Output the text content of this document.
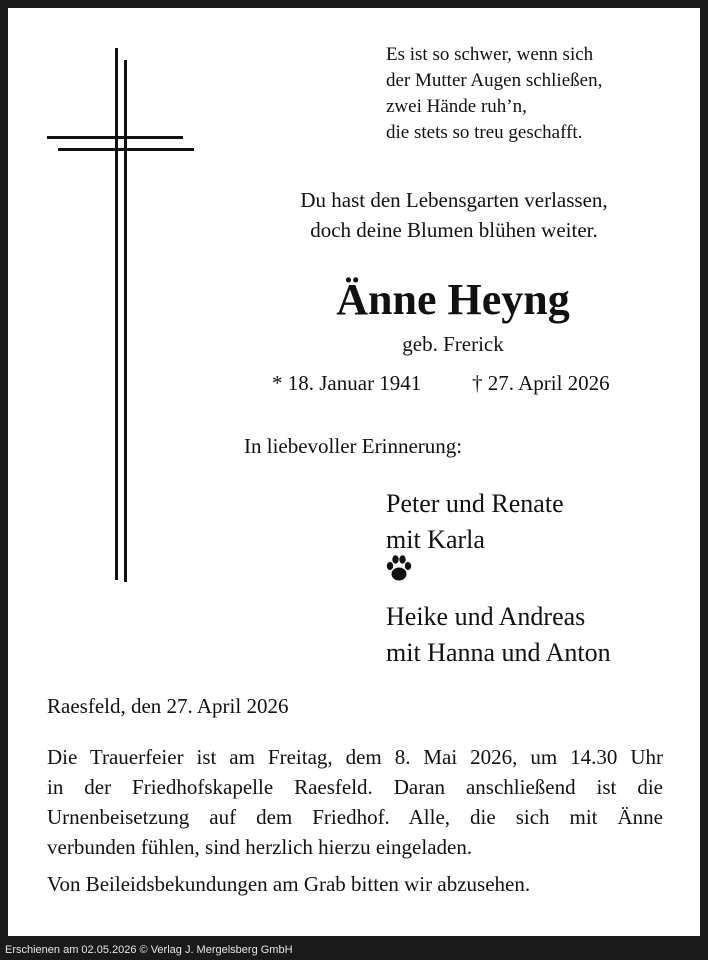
Es ist so schwer, wenn sich
der Mutter Augen schließen,
zwei Hände ruh’n,
die stets so treu geschafft.
Du hast den Lebensgarten verlassen,
doch deine Blumen blühen weiter.
Änne Heyng
geb. Frerick
* 18. Januar 1941 † 27. April 2026
In liebevoller Erinnerung:
Peter und Renate
mit Karla
Heike und Andreas
mit Hanna und Anton
Raesfeld, den 27. April 2026
Die Trauerfeier ist am Freitag, dem 8. Mai 2026, um 14.30 Uhr
in der Friedhofskapelle Raesfeld. Daran anschließend ist die
Urnenbeisetzung auf dem Friedhof. Alle, die sich mit Änne
verbunden fühlen, sind herzlich hierzu eingeladen.
Von Beileidsbekundungen am Grab bitten wir abzusehen.
Erschienen am 02.05.2026 © Verlag J. Mergelsberg GmbH
